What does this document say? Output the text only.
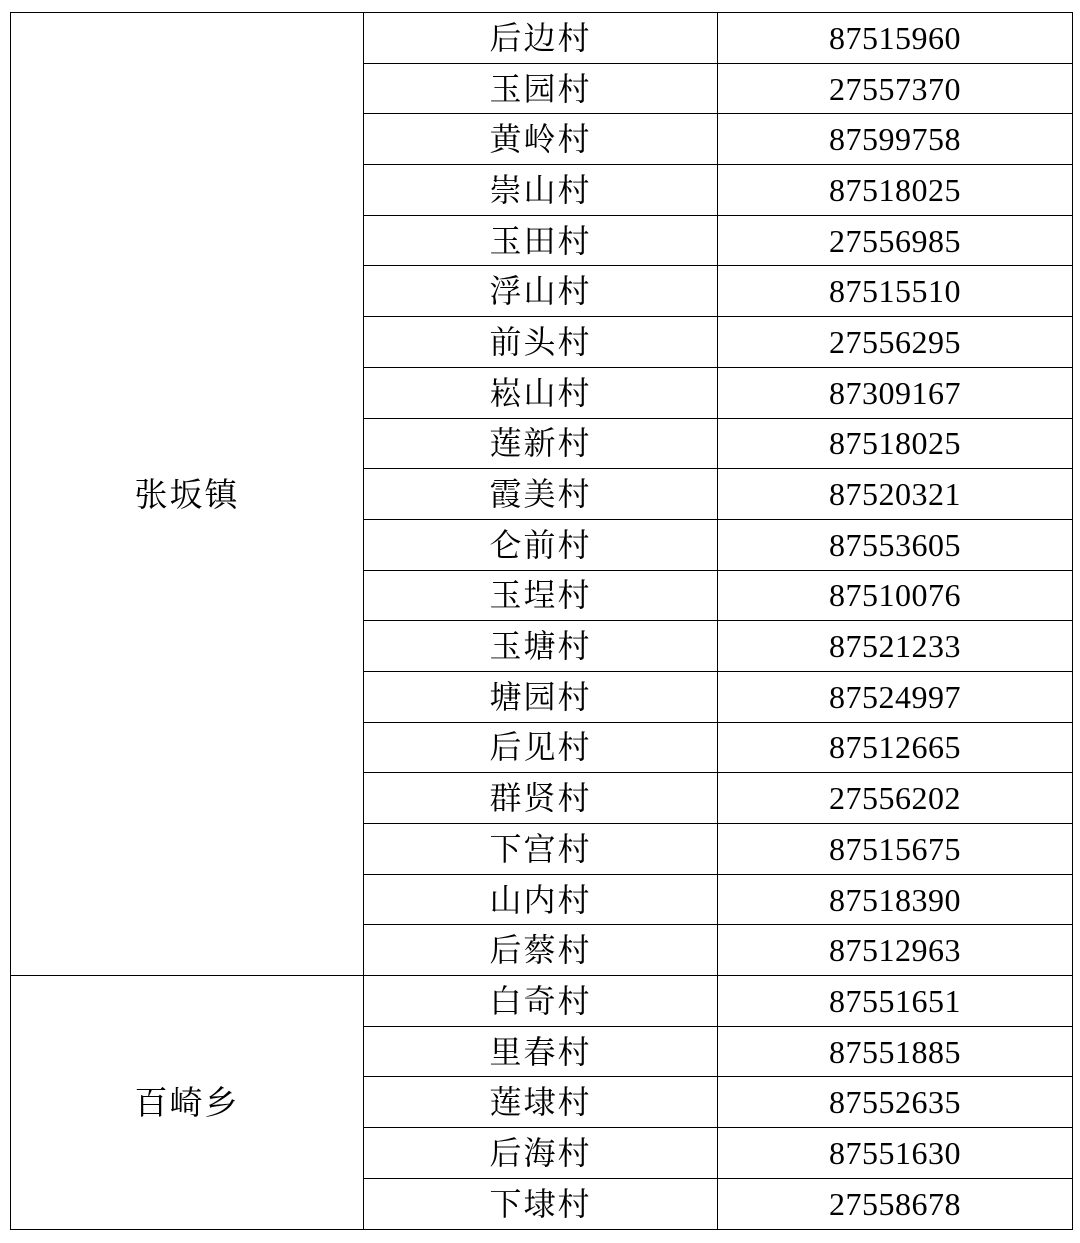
张坂镇	后边村	87515960
	玉园村	27557370
	黄岭村	87599758
	崇山村	87518025
	玉田村	27556985
	浮山村	87515510
	前头村	27556295
	崧山村	87309167
	莲新村	87518025
	霞美村	87520321
	仑前村	87553605
	玉埕村	87510076
	玉塘村	87521233
	塘园村	87524997
	后见村	87512665
	群贤村	27556202
	下宫村	87515675
	山内村	87518390
	后蔡村	87512963
百崎乡	白奇村	87551651
	里春村	87551885
	莲埭村	87552635
	后海村	87551630
	下埭村	27558678
